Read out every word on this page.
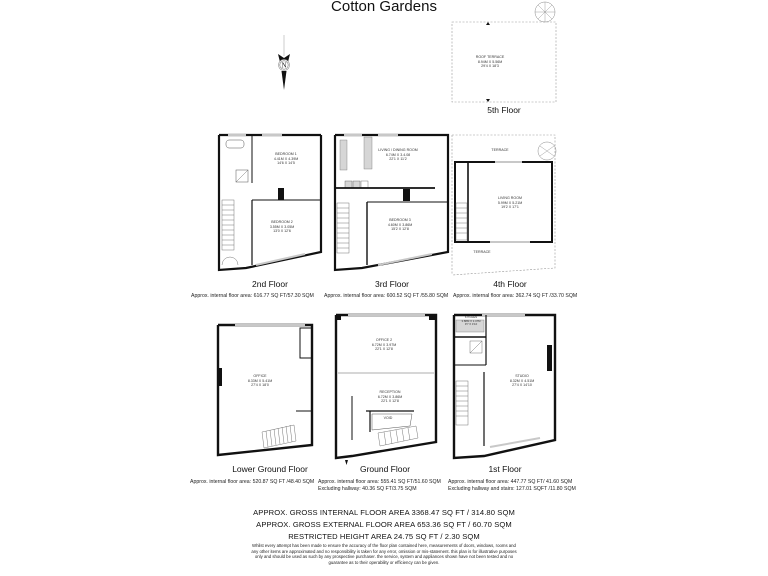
Cotton Gardens
N
ROOF TERRACE
8.94M X 5.56M
29'4 X 18'3
BEDROOM 1
4.41M X 4.39M
14'6 X 14'5
BEDROOM 2
3.55M X 3.05M
13'0 X 12'6
LIVING / DINING ROOM
6.74M X 3.4.08
22'1 X 11'2
BEDROOM 3
4.60M X 3.86M
15'2 X 12'8
LIVING ROOM
5.99M X 5.21M
19'2 X 17'1
TERRACE
TERRACE
OFFICE
8.33M X 5.41M
27'4 X 18'0
OFFICE 2
6.72M X 3.97M
22'1 X 12'8
RECEPTION
6.72M X 3.86M
22'1 X 12'8
VOID
KITCHEN
3.88M X 1.47M
9'7 X 4'10
STUDIO
8.32M X 4.51M
27'4 X 14'10
5th Floor
2nd Floor	3rd Floor	4th Floor
Lower Ground Floor	Ground Floor	1st Floor
Approx. internal floor area: 616.77 SQ FT/57.30 SQM Approx. internal floor area: 600.52 SQ FT /55.80 SQM Approx. internal floor area: 362.74 SQ FT /33.70 SQM
Approx. internal floor area: 520.87 SQ FT /48.40 SQM Approx. internal floor area: 555.41 SQ FT/51.60 SQM
Excluding hallway: 40.36 SQ FT/3.75 SQM
Approx. internal floor area: 447.77 SQ FT/ 41.60 SQM
Excluding hallway and stairs: 127.01 SQFT /11.80 SQM
APPROX. GROSS INTERNAL FLOOR AREA 3368.47 SQ FT / 314.80 SQM
APPROX. GROSS EXTERNAL FLOOR AREA 653.36 SQ FT / 60.70 SQM
RESTRICTED HEIGHT AREA 24.75 SQ FT / 2.30 SQM
Whilst every attempt has been made to ensure the accuracy of the floor plan contained here, measurements of doors, windows, rooms and any other items are approximated and no responsibility is taken for any error, omission or mis-statement. this plan is for illustrative purposes only and should be used as such by any prospective purchaser. the service, system and appliances shown have not been tested and no guarantee as to their operability or efficiency can be given.
